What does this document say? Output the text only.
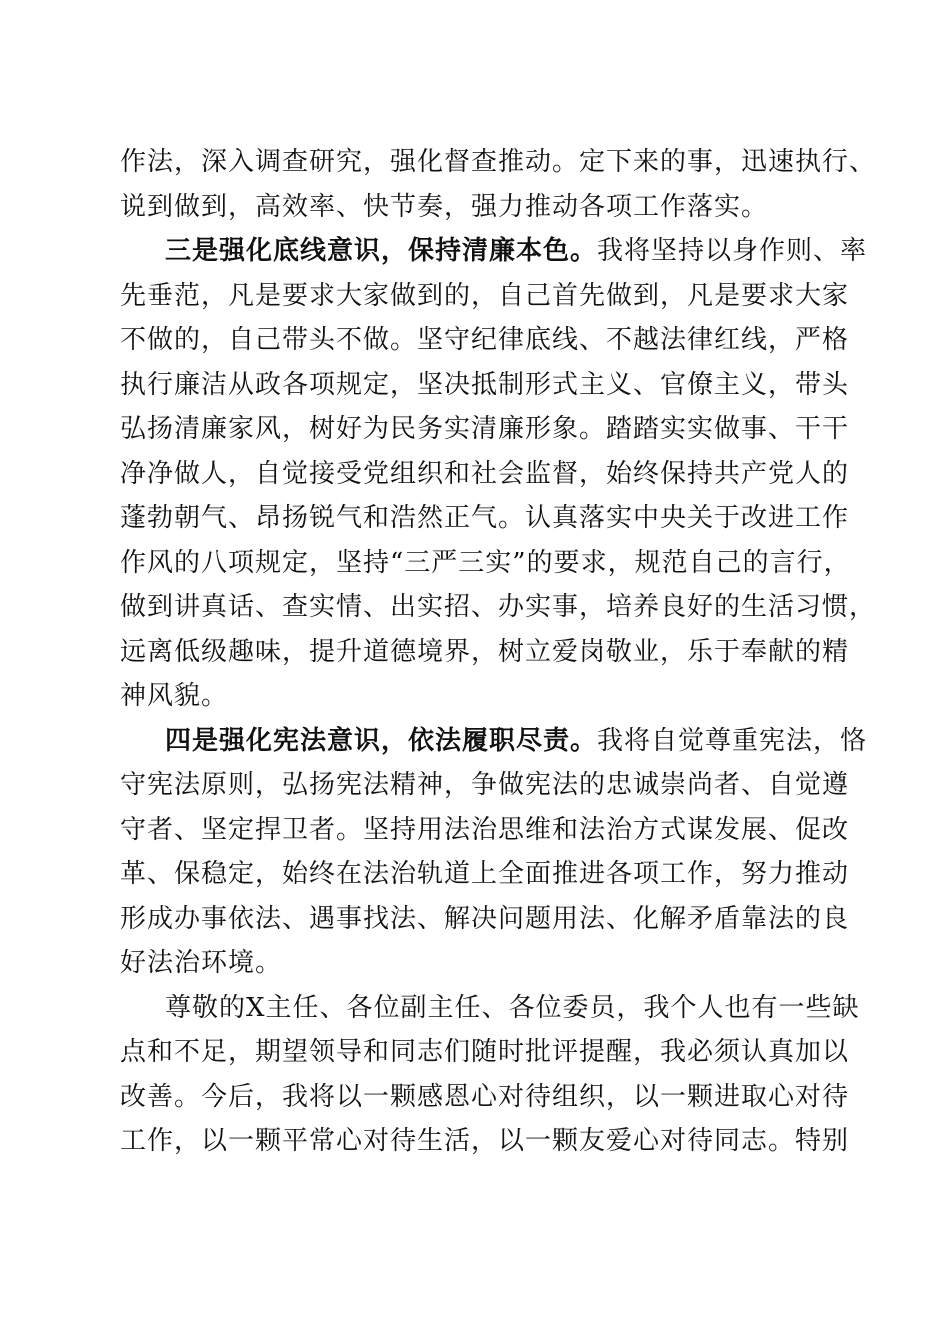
作法，深入调查研究，强化督查推动。定下来的事，迅速执行、
说到做到，高效率、快节奏，强力推动各项工作落实。
三是强化底线意识，保持清廉本色。我将坚持以身作则、率
先垂范，凡是要求大家做到的，自己首先做到，凡是要求大家
不做的，自己带头不做。坚守纪律底线、不越法律红线，严格
执行廉洁从政各项规定，坚决抵制形式主义、官僚主义，带头
弘扬清廉家风，树好为民务实清廉形象。踏踏实实做事、干干
净净做人，自觉接受党组织和社会监督，始终保持共产党人的
蓬勃朝气、昂扬锐气和浩然正气。认真落实中央关于改进工作
作风的八项规定，坚持“三严三实”的要求，规范自己的言行，
做到讲真话、查实情、出实招、办实事，培养良好的生活习惯，
远离低级趣味，提升道德境界，树立爱岗敬业，乐于奉献的精
神风貌。
四是强化宪法意识，依法履职尽责。我将自觉尊重宪法，恪
守宪法原则，弘扬宪法精神，争做宪法的忠诚崇尚者、自觉遵
守者、坚定捍卫者。坚持用法治思维和法治方式谋发展、促改
革、保稳定，始终在法治轨道上全面推进各项工作，努力推动
形成办事依法、遇事找法、解决问题用法、化解矛盾靠法的良
好法治环境。
尊敬的X主任、各位副主任、各位委员，我个人也有一些缺
点和不足，期望领导和同志们随时批评提醒，我必须认真加以
改善。今后，我将以一颗感恩心对待组织，以一颗进取心对待
工作，以一颗平常心对待生活，以一颗友爱心对待同志。特别
